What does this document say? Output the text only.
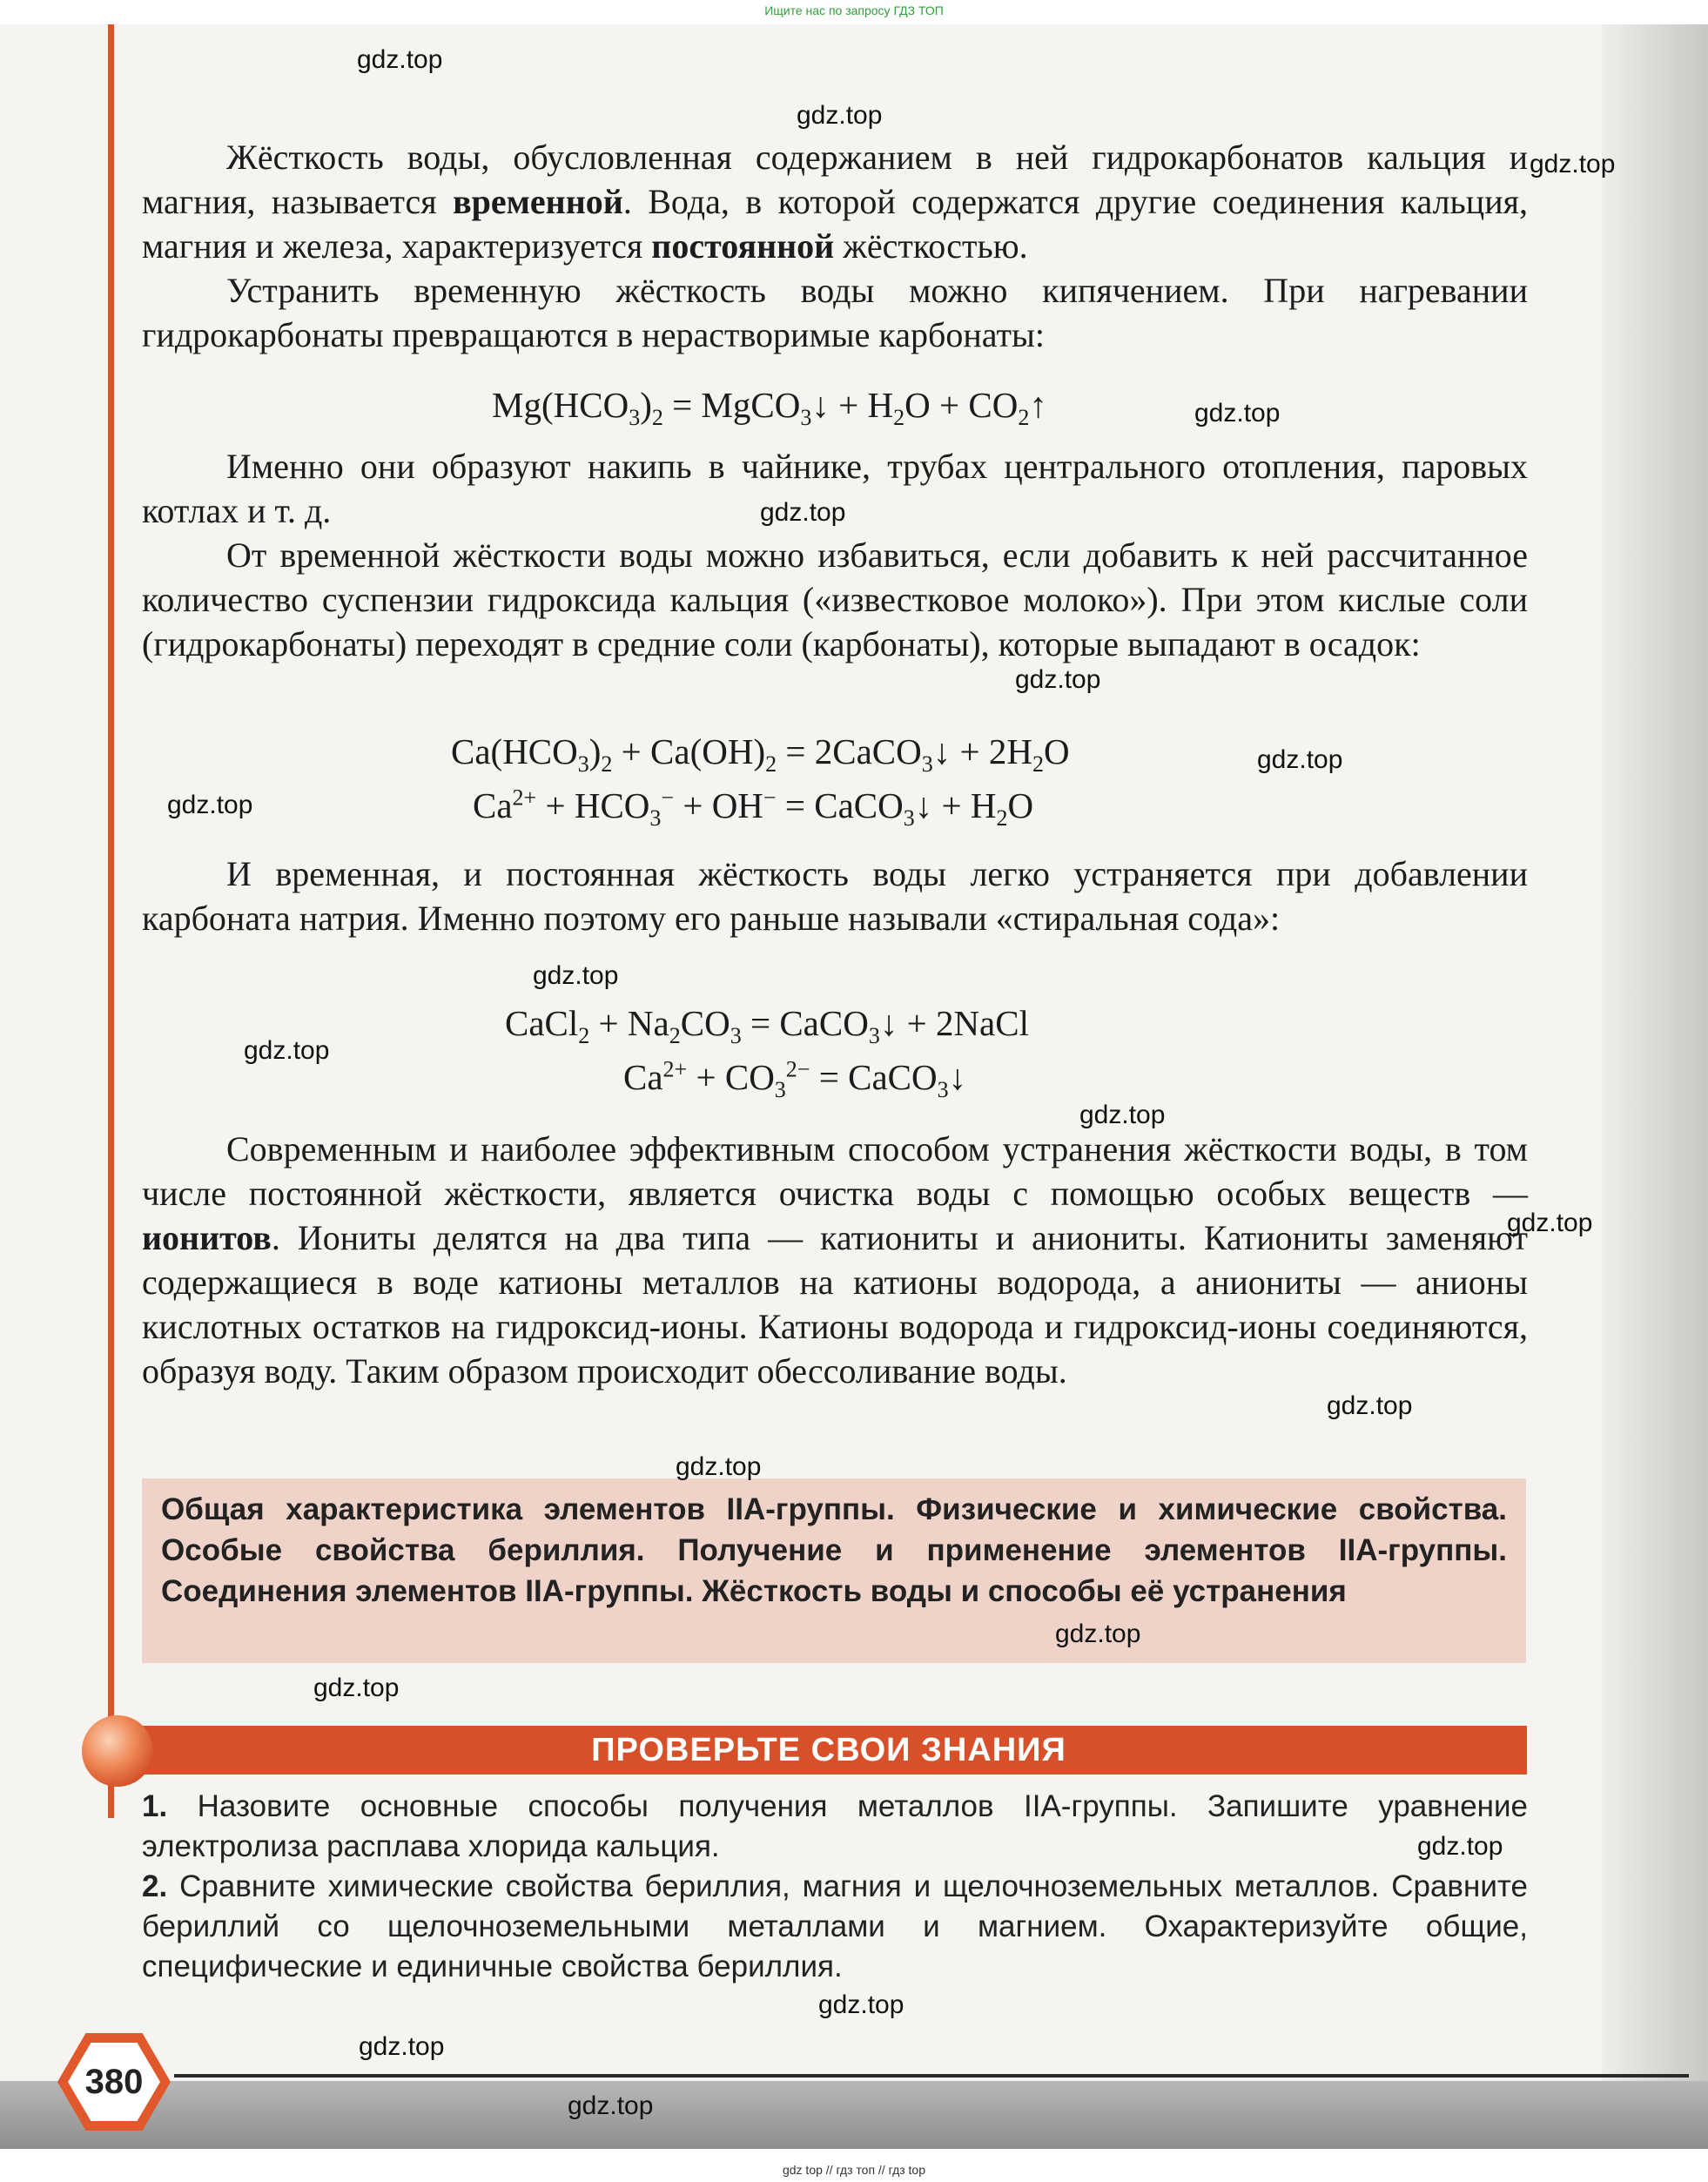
Ищите нас по запросу ГДЗ ТОП

Жёсткость воды, обусловленная содержанием в ней гидрокарбонатов кальция и магния, называется временной. Вода, в которой содержатся другие соединения кальция, магния и железа, характеризуется постоянной жёсткостью.

Устранить временную жёсткость воды можно кипячением. При нагревании гидрокарбонаты превращаются в нерастворимые карбонаты:

$Mg(HCO_3)_2$ = MgCO$_3$↓ + $H_2O$ + $CO_2↑$

Именно они образуют накипь в чайнике, трубах центрального отопления, паровых котлах и т. д.

От временной жёсткости воды можно избавиться, если добавить к ней рассчитанное количество суспензии гидроксида кальция («известковое молоко»). При этом кислые соли (гидрокарбонаты) переходят в средние соли (карбонаты), которые выпадают в осадок:

$Ca(HCO_3)_2 + Ca(OH)_2$ = 2CaCO$_3$↓ + $2H_2O$
$Ca^{2+} + HCO_3^- + OH^-$ = CaCO$_3$↓ + $H_2O$

И временная, и постоянная жёсткость воды легко устраняется при добавлении карбоната натрия. Именно поэтому его раньше называли «стиральная сода»:

CaCl$_2$ + $Na_2CO_3$ = CaCO$_3$↓ + 2NaCl
$Ca^{2+} + CO_3^{2-}$ = CaCO$_3$↓

Современным и наиболее эффективным способом устранения жёсткости воды, в том числе постоянной жёсткости, является очистка воды с помощью особых веществ — ионитов. Иониты делятся на два типа — катиониты и аниониты. Катиониты заменяют содержащиеся в воде катионы металлов на катионы водорода, а аниониты — анионы кислотных остатков на гидроксид-ионы. Катионы водорода и гидроксид-ионы соединяются, образуя воду. Таким образом происходит обессоливание воды.

Общая характеристика элементов IIA-группы. Физические и химические свойства. Особые свойства бериллия. Получение и применение элементов IIA-группы. Соединения элементов IIA-группы. Жёсткость воды и способы её устранения
ПРОВЕРЬТЕ СВОИ ЗНАНИЯ

1. Назовите основные способы получения металлов IIA-группы. Запишите уравнение электролиза расплава хлорида кальция.

2. Сравните химические свойства бериллия, магния и щелочноземельных металлов. Сравните бериллий со щелочноземельными металлами и магнием. Охарактеризуйте общие, специфические и единичные свойства бериллия.

380
gdz.top
gdz.top
gdz.top
gdz.top
gdz.top
gdz.top
gdz.top
gdz.top
gdz.top
gdz.top
gdz.top
gdz.top
gdz.top
gdz.top
gdz.top
gdz.top
gdz.top
gdz.top
gdz.top
gdz.top
gdz top // гдз топ // гдз top
